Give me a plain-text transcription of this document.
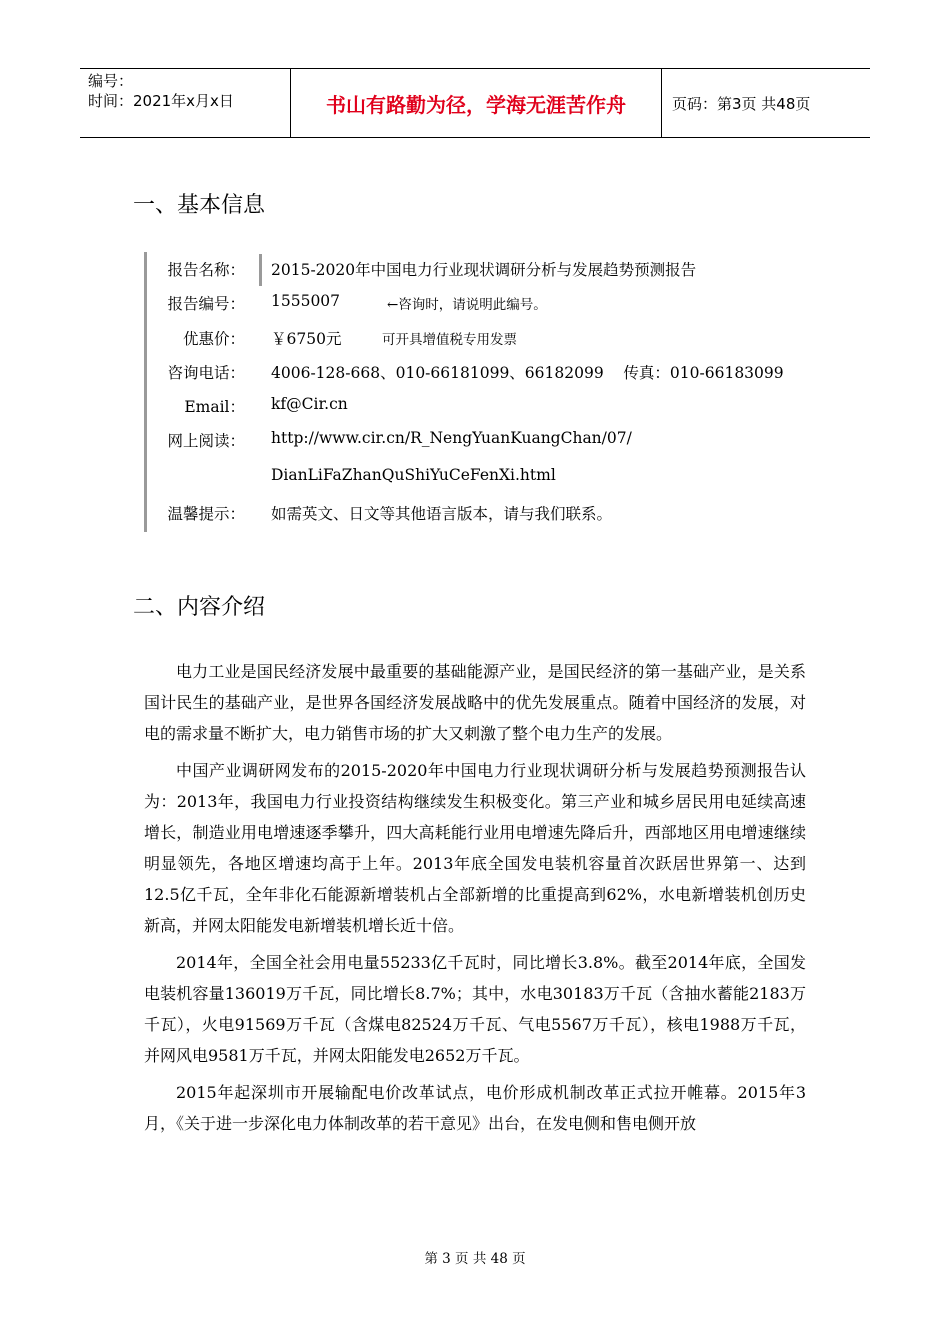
编号：
时间：2021年x月x日	书山有路勤为径，学海无涯苦作舟	页码：第3页 共48页
一、基本信息
报告名称： 2015-2020年中国电力行业现状调研分析与发展趋势预测报告
报告编号： 1555007	←咨询时，请说明此编号。
优惠价： ￥6750元	可开具增值税专用发票
咨询电话： 4006-128-668、010-66181099、66182099    传真：010-66183099
Email： kf@Cir.cn
网上阅读： http://www.cir.cn/R_NengYuanKuangChan/07/
DianLiFaZhanQuShiYuCeFenXi.html
温馨提示： 如需英文、日文等其他语言版本，请与我们联系。
二、内容介绍

电力工业是国民经济发展中最重要的基础能源产业，是国民经济的第一基础产业，是关系国计民生的基础产业，是世界各国经济发展战略中的优先发展重点。随着中国经济的发展，对电的需求量不断扩大，电力销售市场的扩大又刺激了整个电力生产的发展。

中国产业调研网发布的2015-2020年中国电力行业现状调研分析与发展趋势预测报告认为：2013年，我国电力行业投资结构继续发生积极变化。第三产业和城乡居民用电延续高速增长，制造业用电增速逐季攀升，四大高耗能行业用电增速先降后升，西部地区用电增速继续明显领先，各地区增速均高于上年。2013年底全国发电装机容量首次跃居世界第一、达到12.5亿千瓦，全年非化石能源新增装机占全部新增的比重提高到62%，水电新增装机创历史新高，并网太阳能发电新增装机增长近十倍。

2014年，全国全社会用电量55233亿千瓦时，同比增长3.8%。截至2014年底，全国发电装机容量136019万千瓦，同比增长8.7%；其中，水电30183万千瓦（含抽水蓄能2183万千瓦），火电91569万千瓦（含煤电82524万千瓦、气电5567万千瓦），核电1988万千瓦，并网风电9581万千瓦，并网太阳能发电2652万千瓦。

2015年起深圳市开展输配电价改革试点，电价形成机制改革正式拉开帷幕。2015年3月，《关于进一步深化电力体制改革的若干意见》出台，在发电侧和售电侧开放

第 3 页 共 48 页
